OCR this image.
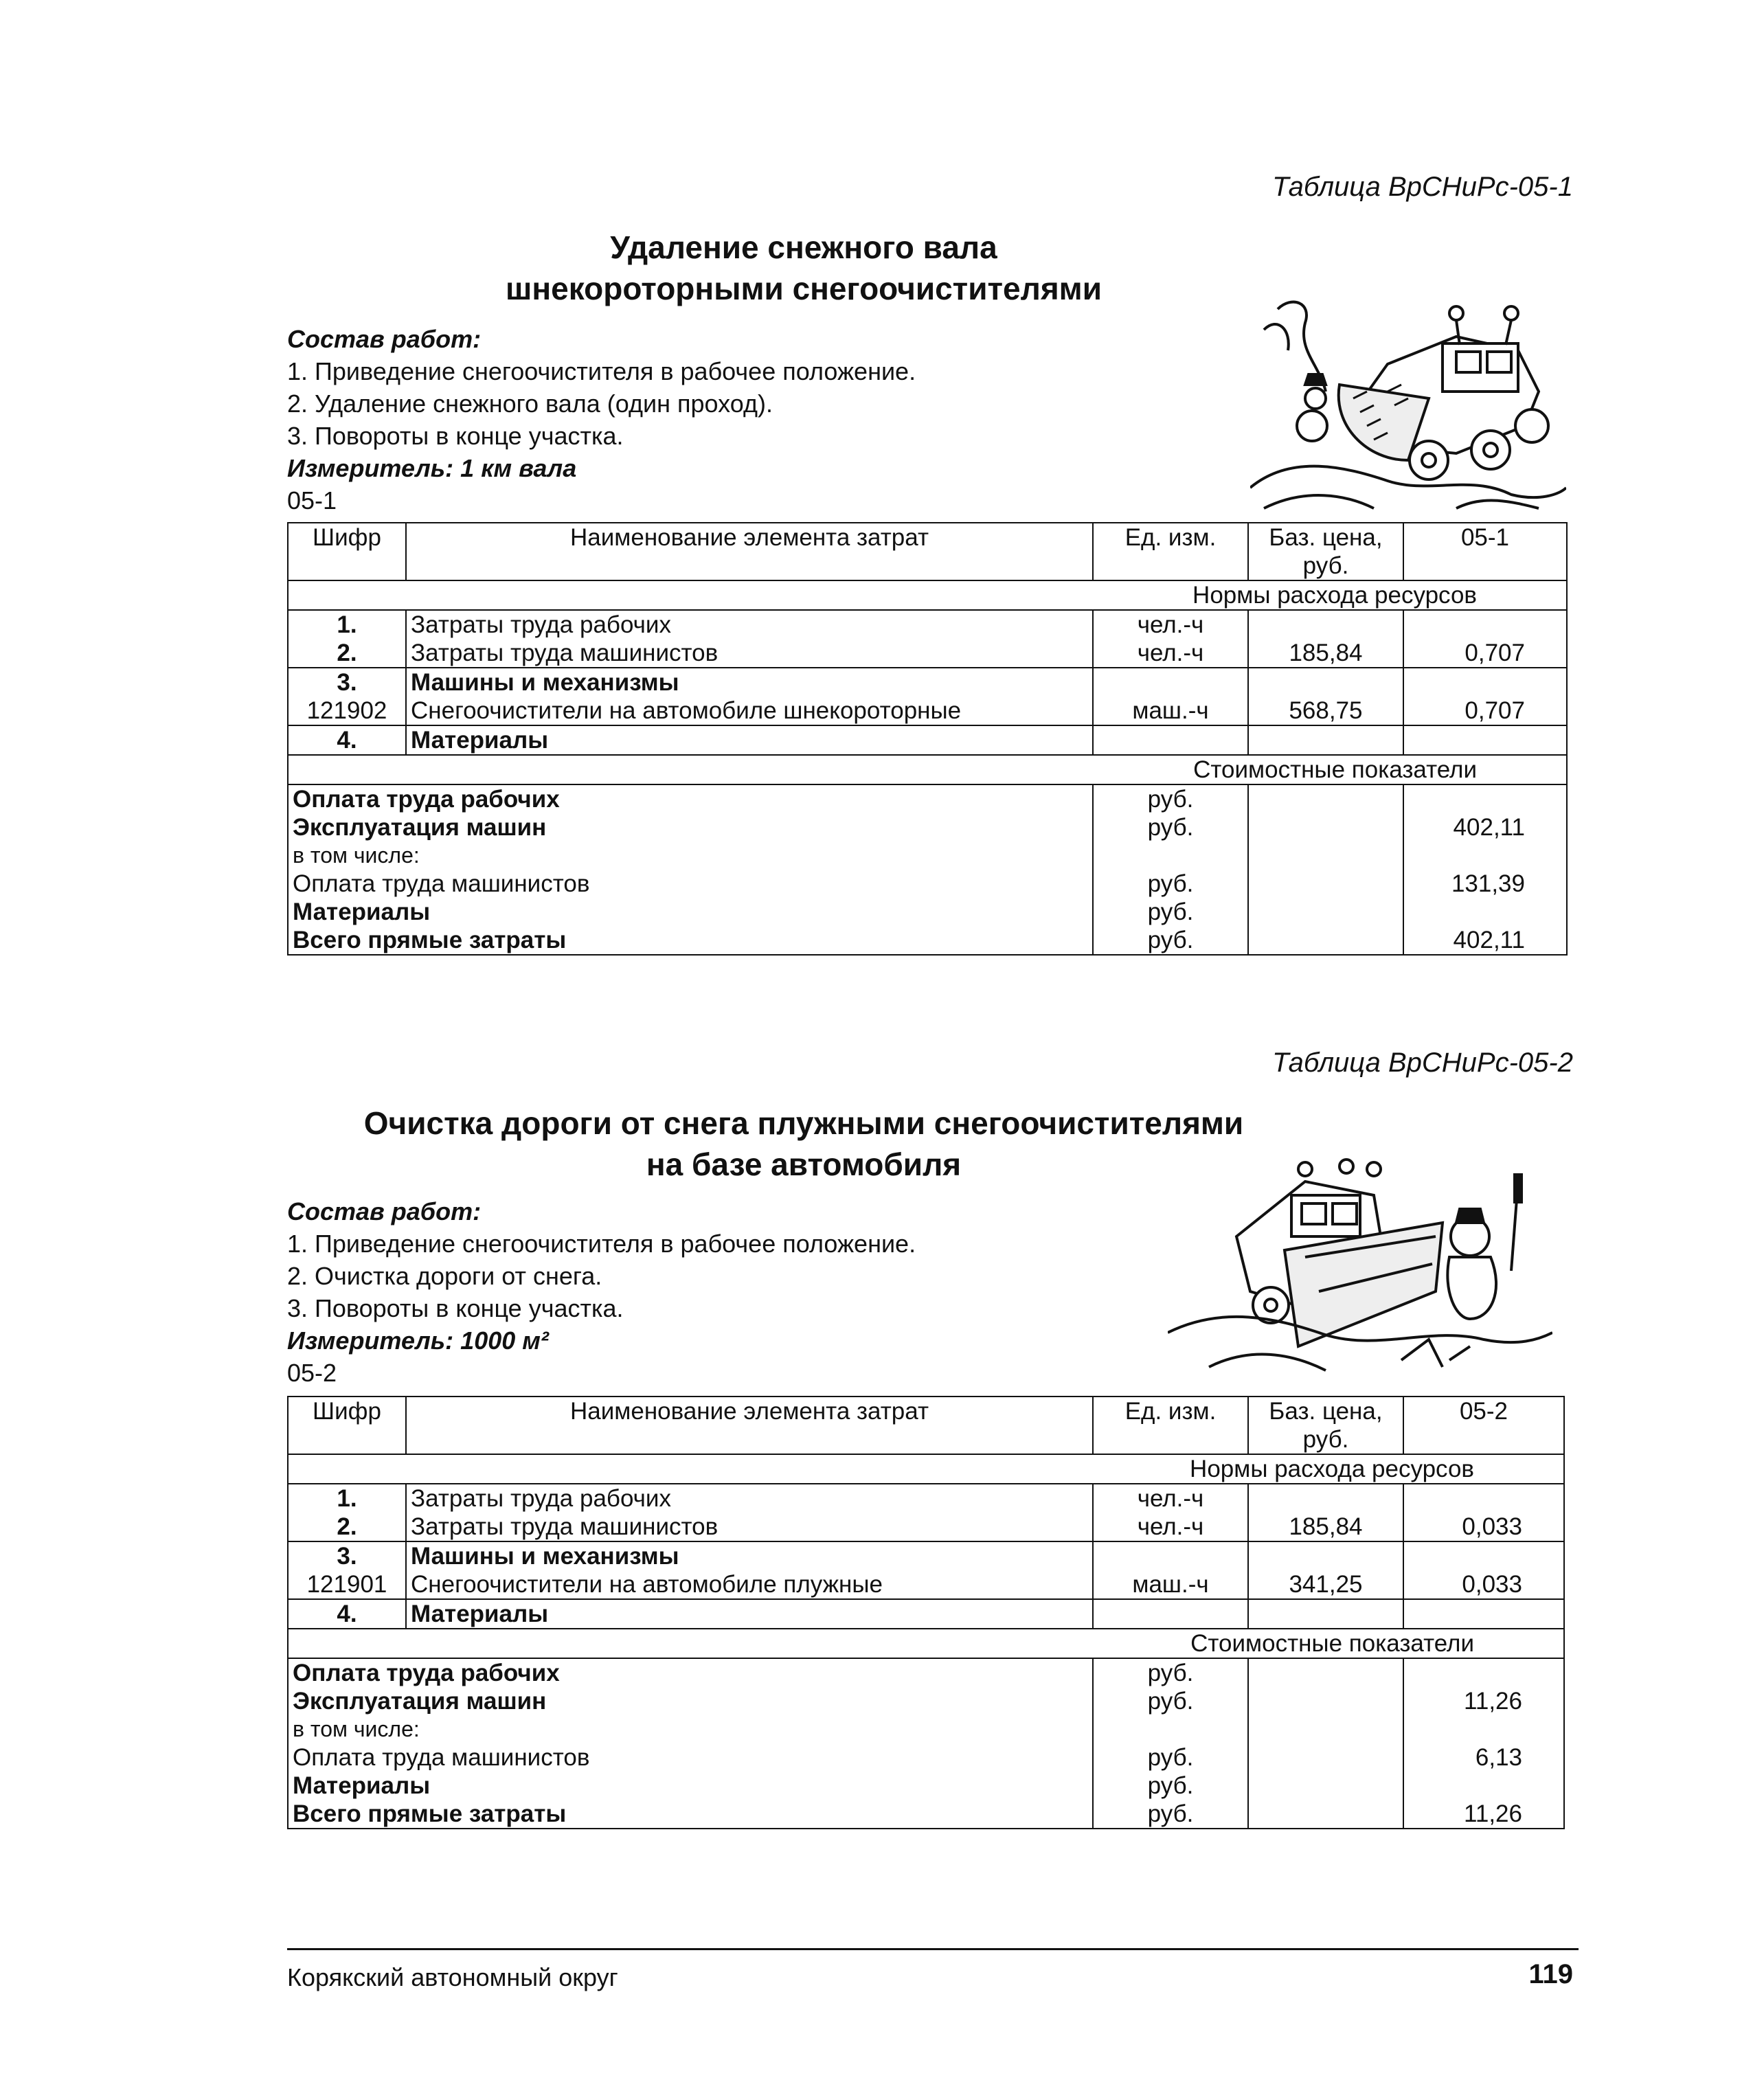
Таблица ВрСНиРс-05-1
Удаление снежного вала
шнекороторными снегоочистителями
Состав работ:
1. Приведение снегоочистителя в рабочее положение.
2. Удаление снежного вала (один проход).
3. Повороты в конце участка.
Измеритель: 1 км вала
05-1
Шифр	Наименование элемента затрат	Ед. изм.	Баз. цена, руб.	05-1
Нормы расхода ресурсов				
1.	Затраты труда рабочих	чел.-ч		
2.	Затраты труда машинистов	чел.-ч	185,84	0,707
3.	Машины и механизмы			
121902	Снегоочистители на автомобиле шнекороторные	маш.-ч	568,75	0,707
4.	Материалы			
Стоимостные показатели				
Оплата труда рабочих		руб.		
Эксплуатация машин		руб.		402,11
в том числе:				
Оплата труда машинистов		руб.		131,39
Материалы		руб.		
Всего прямые затраты		руб.		402,11
Таблица ВрСНиРс-05-2
Очистка дороги от снега плужными снегоочистителями
на базе автомобиля
Состав работ:
1. Приведение снегоочистителя в рабочее положение.
2. Очистка дороги от снега.
3. Повороты в конце участка.
Измеритель: 1000 м²
05-2
Шифр	Наименование элемента затрат	Ед. изм.	Баз. цена, руб.	05-2
Нормы расхода ресурсов				
1.	Затраты труда рабочих	чел.-ч		
2.	Затраты труда машинистов	чел.-ч	185,84	0,033
3.	Машины и механизмы			
121901	Снегоочистители на автомобиле плужные	маш.-ч	341,25	0,033
4.	Материалы			
Стоимостные показатели				
Оплата труда рабочих		руб.		
Эксплуатация машин		руб.		11,26
в том числе:				
Оплата труда машинистов		руб.		6,13
Материалы		руб.		
Всего прямые затраты		руб.		11,26
Корякский автономный округ	119
